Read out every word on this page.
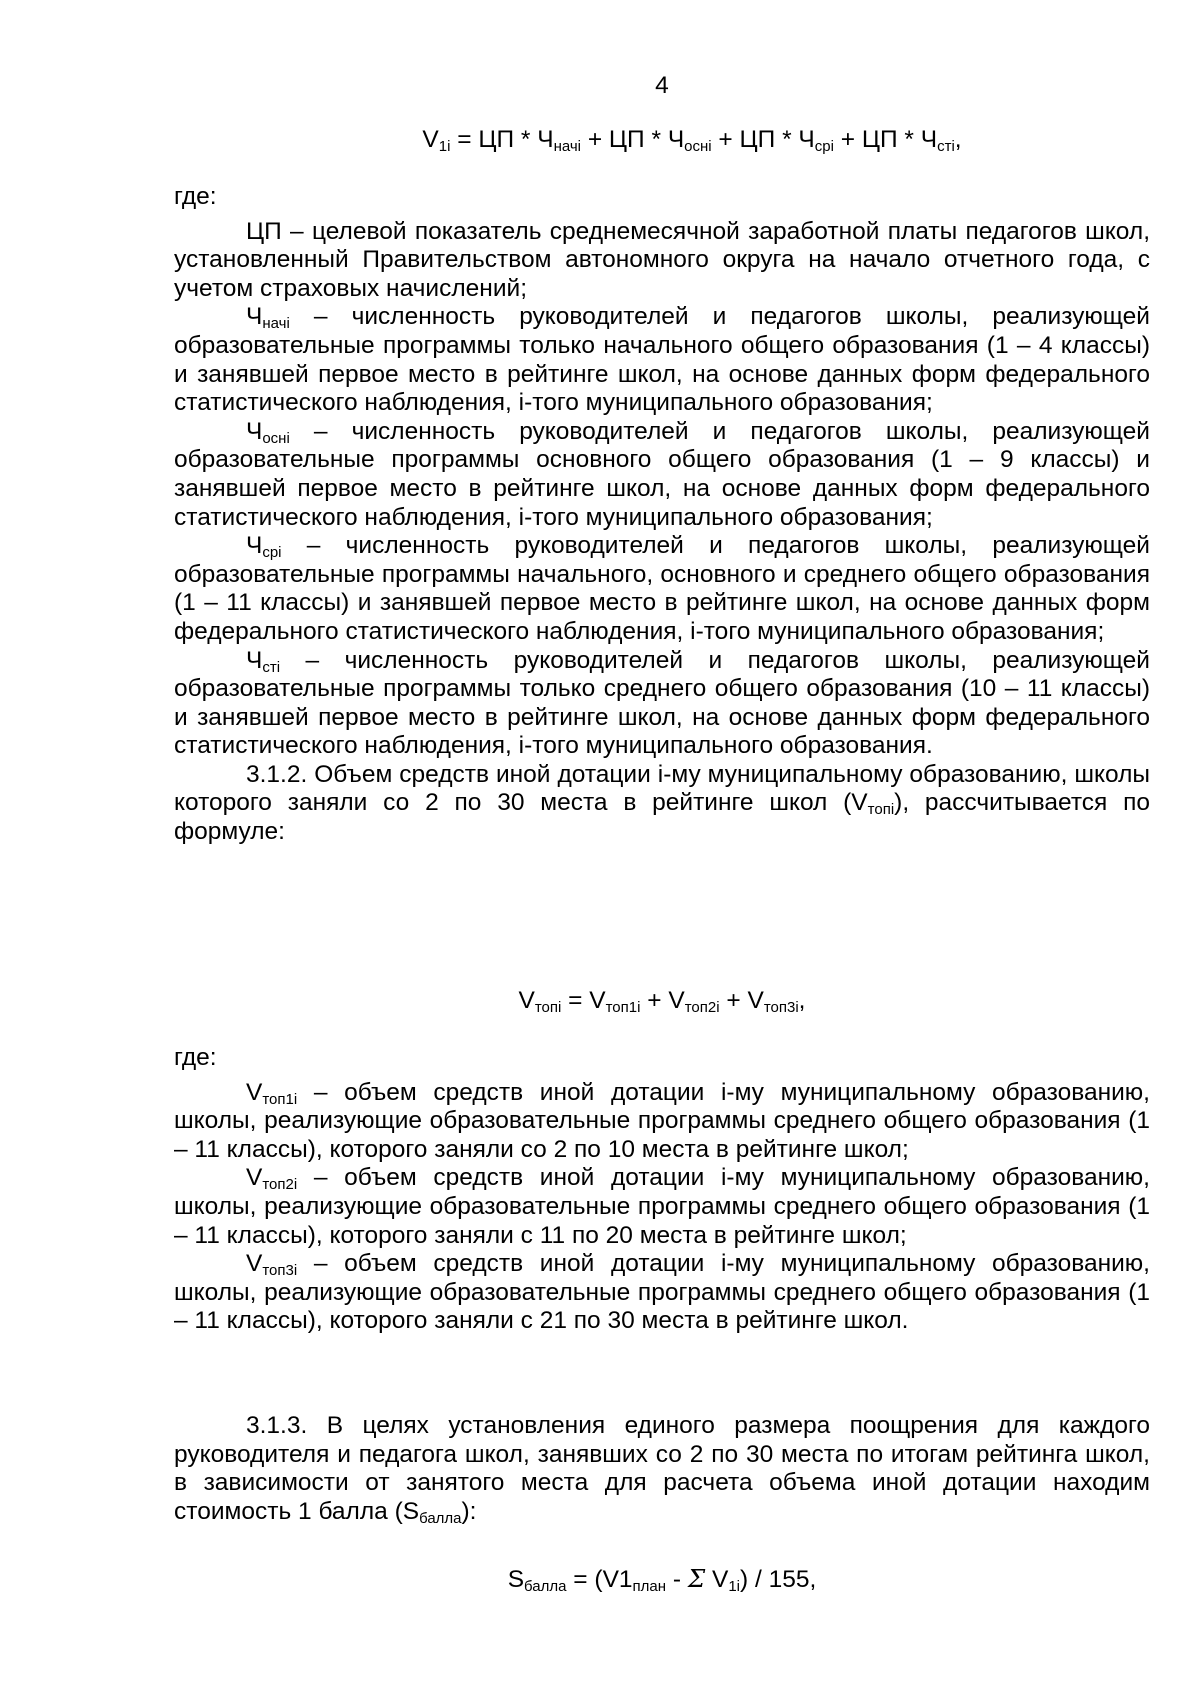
4

$V_{1i}$ = ЦП * $Ч_{начi}$ + ЦП * $Ч_{оснi}$ + ЦП * $Ч_{срi}$ + ЦП * $Ч_{стi}$,

где:

ЦП – целевой показатель среднемесячной заработной платы педагогов школ, установленный Правительством автономного округа на начало отчетного года, с учетом страховых начислений;

$Ч_{начi}$ – численность руководителей и педагогов школы, реализующей образовательные программы только начального общего образования (1 – 4 классы) и занявшей первое место в рейтинге школ, на основе данных форм федерального статистического наблюдения, i-того муниципального образования;

$Ч_{оснi}$ – численность руководителей и педагогов школы, реализующей образовательные программы основного общего образования (1 – 9 классы) и занявшей первое место в рейтинге школ, на основе данных форм федерального статистического наблюдения, i-того муниципального образования;

$Ч_{срi}$ – численность руководителей и педагогов школы, реализующей образовательные программы начального, основного и среднего общего образования (1 – 11 классы) и занявшей первое место в рейтинге школ, на основе данных форм федерального статистического наблюдения, i-того муниципального образования;

$Ч_{стi}$ – численность руководителей и педагогов школы, реализующей образовательные программы только среднего общего образования (10 – 11 классы) и занявшей первое место в рейтинге школ, на основе данных форм федерального статистического наблюдения, i-того муниципального образования.

3.1.2. Объем средств иной дотации i-му муниципальному образованию, школы которого заняли со 2 по 30 места в рейтинге школ $(V_{топi})$, рассчитывается по формуле:

$V_{топi} = V_{топ1i} + V_{топ2i} + V_{топ3i}$,

где:

$V_{топ1i}$ – объем средств иной дотации i-му муниципальному образованию, школы, реализующие образовательные программы среднего общего образования (1 – 11 классы), которого заняли со 2 по 10 места в рейтинге школ;

$V_{топ2i}$ – объем средств иной дотации i-му муниципальному образованию, школы, реализующие образовательные программы среднего общего образования (1 – 11 классы), которого заняли с 11 по 20 места в рейтинге школ;

$V_{топ3i}$ – объем средств иной дотации i-му муниципальному образованию, школы, реализующие образовательные программы среднего общего образования (1 – 11 классы), которого заняли с 21 по 30 места в рейтинге школ.

3.1.3. В целях установления единого размера поощрения для каждого руководителя и педагога школ, занявших со 2 по 30 места по итогам рейтинга школ, в зависимости от занятого места для расчета объема иной дотации находим стоимость 1 балла $(S_{балла})$:

$S_{балла} = (V1_{план} - \Sigma$ $V_{1i}) / 155$,
